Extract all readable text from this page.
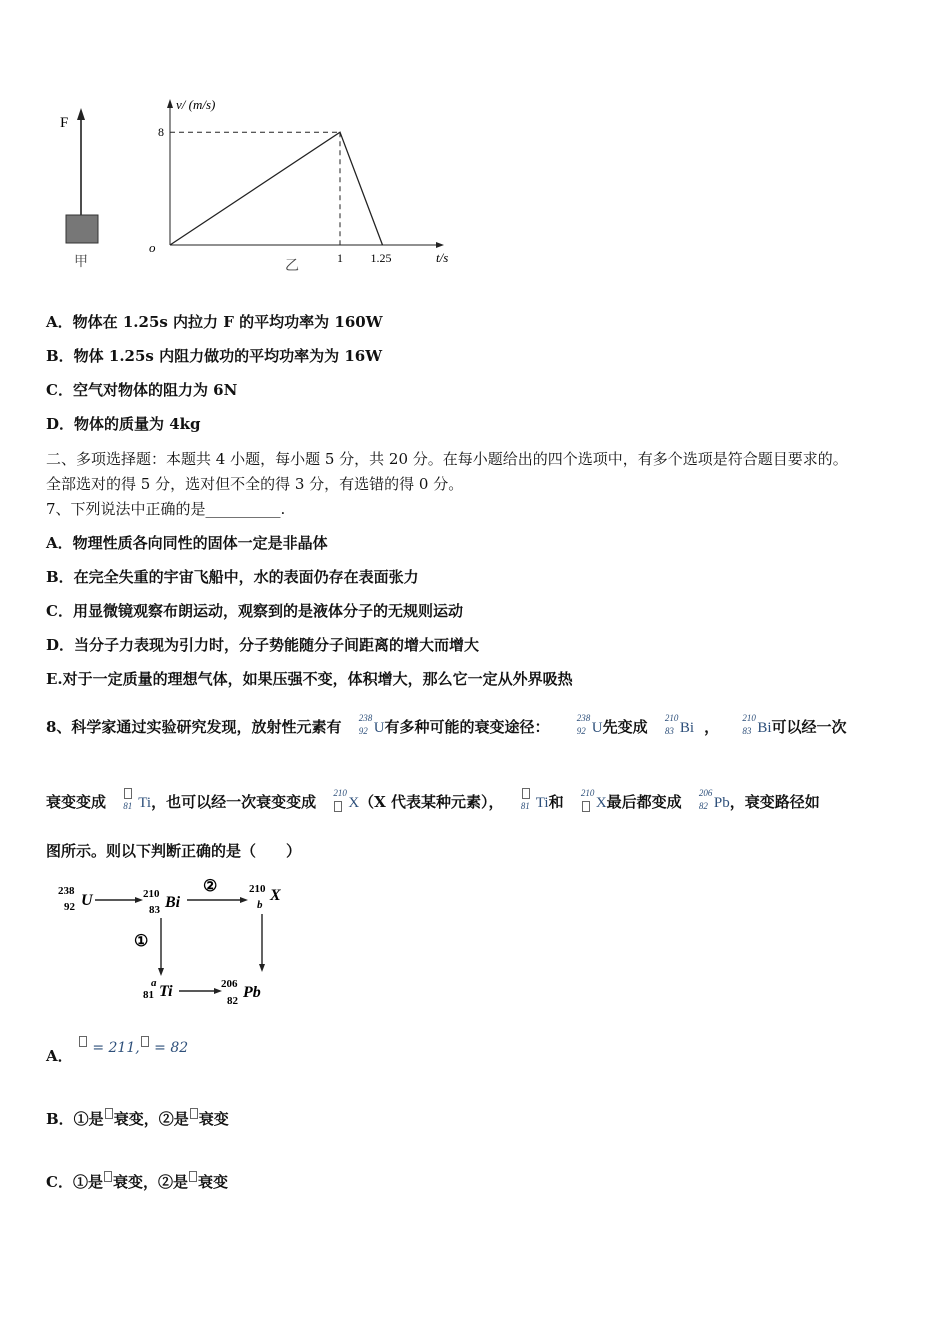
F
甲
v/ (m/s)
t/s
o
8
1 1.25
乙
A．物体在 1.25s 内拉力 F 的平均功率为 160W
B．物体 1.25s 内阻力做功的平均功率为为 16W
C．空气对物体的阻力为 6N
D．物体的质量为 4kg
二、多项选择题：本题共 4 小题，每小题 5 分，共 20 分。在每小题给出的四个选项中，有多个选项是符合题目要求的。
全部选对的得 5 分，选对但不全的得 3 分，有选错的得 0 分。
7、下列说法中正确的是__________.
A．物理性质各向同性的固体一定是非晶体
B．在完全失重的宇宙飞船中，水的表面仍存在表面张力
C．用显微镜观察布朗运动，观察到的是液体分子的无规则运动
D．当分子力表现为引力时，分子势能随分子间距离的增大而增大
E.对于一定质量的理想气体，如果压强不变，体积增大，那么它一定从外界吸热
8、科学家通过实验研究发现，放射性元素有
238
92 U有多种可能的衰变途径：
238
92 U先变成
210
83 Bi ，
210
83 Bi可以经一次
衰变变成 81 Ti，也可以经一次衰变变成
210
X（X 代表某种元素）， 81 Ti和
210
X最后都变成
206
82 Pb，衰变路径如
图所示。则以下判断正确的是（　　）
238
92 U	210
83 Bi
210
b
X
a
81 Ti	206
82 Pb
②
①
A． = 211, = 82
B．①是 衰变，②是 衰变
C．①是 衰变，②是 衰变
